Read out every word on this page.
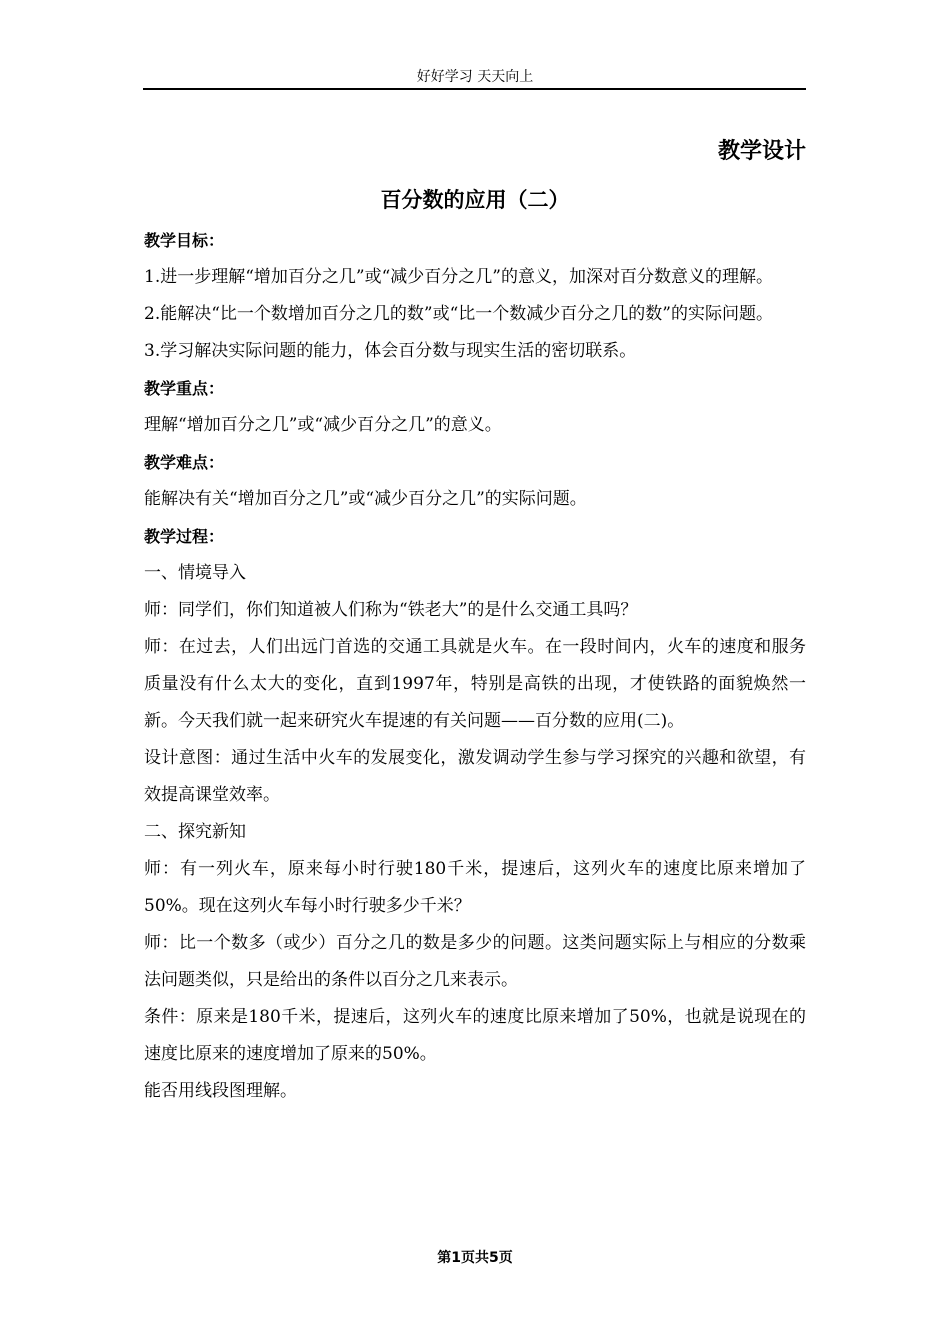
好好学习 天天向上
教学设计
百分数的应用（二）

教学目标：

1.进一步理解“增加百分之几”或“减少百分之几”的意义，加深对百分数意义的理解。

2.能解决“比一个数增加百分之几的数”或“比一个数减少百分之几的数”的实际问题。

3.学习解决实际问题的能力，体会百分数与现实生活的密切联系。

教学重点：

理解“增加百分之几”或“减少百分之几”的意义。

教学难点：

能解决有关“增加百分之几”或“减少百分之几”的实际问题。

教学过程：

一、情境导入

师：同学们，你们知道被人们称为“铁老大”的是什么交通工具吗？

师：在过去，人们出远门首选的交通工具就是火车。在一段时间内，火车的速度和服务质量没有什么太大的变化，直到1997年，特别是高铁的出现，才使铁路的面貌焕然一新。今天我们就一起来研究火车提速的有关问题——百分数的应用(二)。

设计意图：通过生活中火车的发展变化，激发调动学生参与学习探究的兴趣和欲望，有效提高课堂效率。

二、探究新知

师：有一列火车，原来每小时行驶180千米，提速后，这列火车的速度比原来增加了50%。现在这列火车每小时行驶多少千米？

师：比一个数多（或少）百分之几的数是多少的问题。这类问题实际上与相应的分数乘法问题类似，只是给出的条件以百分之几来表示。

条件：原来是180千米，提速后，这列火车的速度比原来增加了50%，也就是说现在的速度比原来的速度增加了原来的50%。

能否用线段图理解。

第1页共5页
